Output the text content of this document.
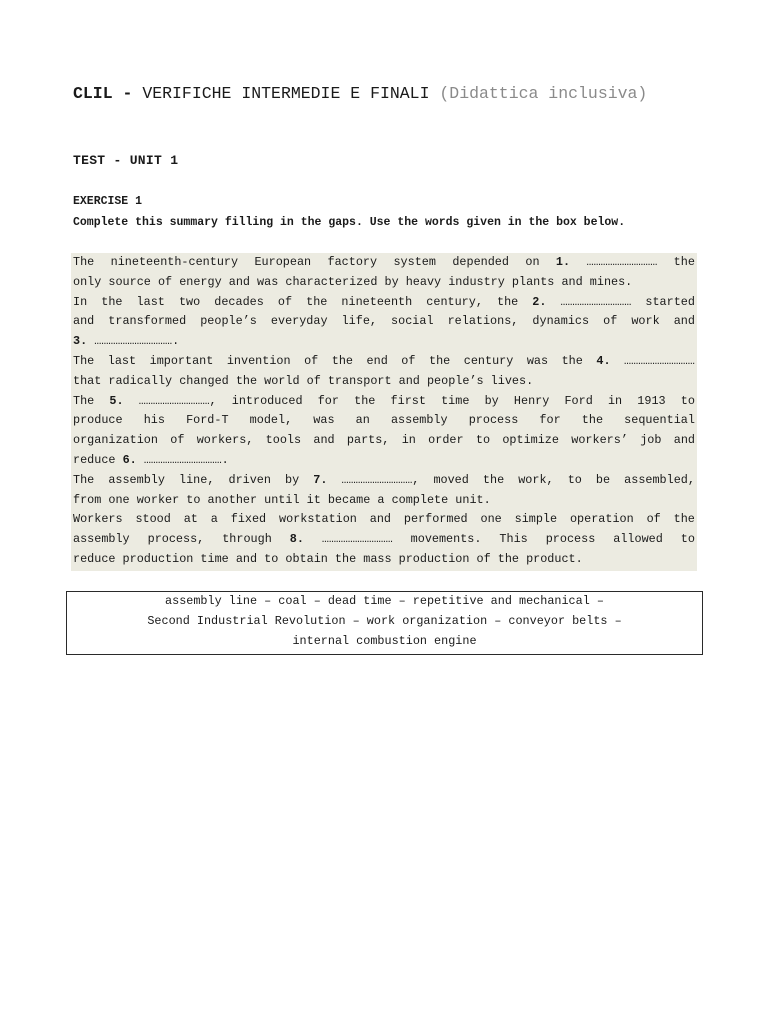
CLIL - VERIFICHE INTERMEDIE E FINALI (Didattica inclusiva)
TEST - UNIT 1
EXERCISE 1
Complete this summary filling in the gaps. Use the words given in the box below.
The nineteenth-century European factory system depended on 1. ………………………… the
only source of energy and was characterized by heavy industry plants and mines.
In the last two decades of the nineteenth century, the 2. ………………………… started
and transformed people’s everyday life, social relations, dynamics of work and
3. …………………………….
The last important invention of the end of the century was the 4. …………………………
that radically changed the world of transport and people’s lives.
The 5. …………………………, introduced for the first time by Henry Ford in 1913 to
produce his Ford-T model, was an assembly process for the sequential
organization of workers, tools and parts, in order to optimize workers’ job and
reduce 6. …………………………….
The assembly line, driven by 7. …………………………, moved the work, to be assembled,
from one worker to another until it became a complete unit.
Workers stood at a fixed workstation and performed one simple operation of the
assembly process, through 8. ………………………… movements. This process allowed to
reduce production time and to obtain the mass production of the product.
assembly line – coal – dead time – repetitive and mechanical –
Second Industrial Revolution – work organization – conveyor belts –
internal combustion engine
